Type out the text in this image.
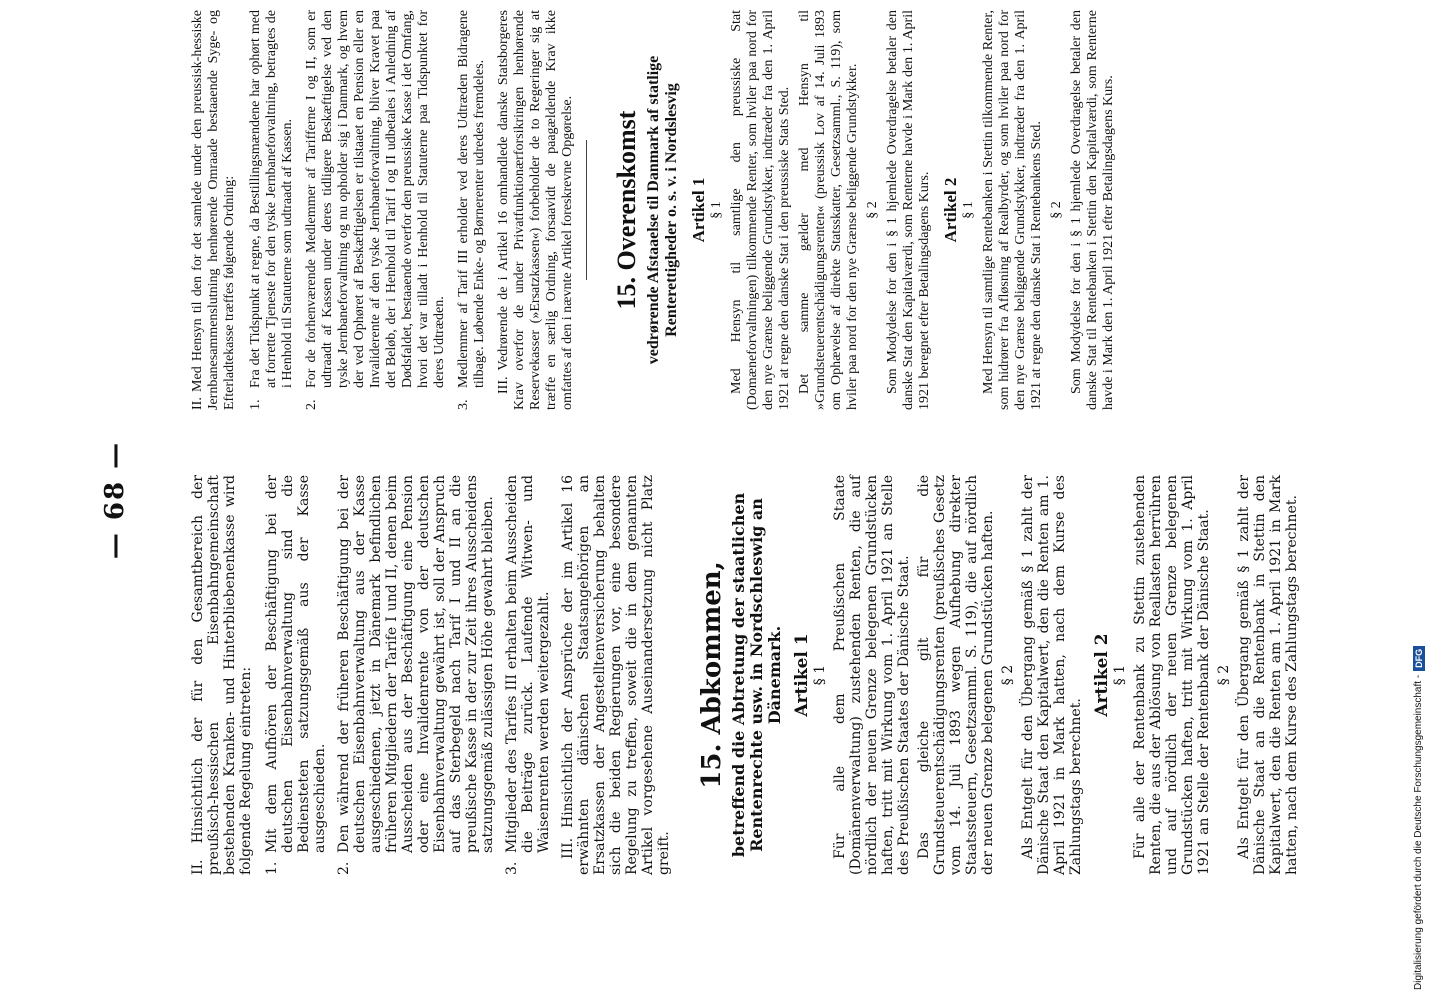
— 68 —	II. Hinsichtlich der für den Gesamtbereich der preußisch-hessischen Eisenbahngemeinschaft bestehenden Kranken- und Hinterbliebenenkasse wird folgende Regelung eintreten: 1.
Mit dem Aufhören der Beschäftigung bei der deutschen Eisenbahnverwaltung sind die Bediensteten satzungsgemäß aus der Kasse ausgeschieden.
2.
Den während der früheren Beschäftigung bei der deutschen Eisenbahnverwaltung aus der Kasse ausgeschiedenen, jetzt in Dänemark befindlichen früheren Mitgliedern der Tarife I und II, denen beim Ausscheiden aus der Beschäftigung eine Pension oder eine Invalidenrente von der deutschen Eisenbahnverwaltung gewährt ist, soll der Anspruch auf das Sterbegeld nach Tarif I und II an die preußische Kasse in der zur Zeit ihres Ausscheidens satzungsgemäß zulässigen Höhe gewahrt bleiben.
3.
Mitglieder des Tarifes III erhalten beim Ausscheiden die Beiträge zurück. Laufende Witwen- und Waisenrenten werden weitergezahlt. III. Hinsichtlich der Ansprüche der im Artikel 16 erwähnten dänischen Staatsangehörigen an Ersatzkassen der Angestelltenversicherung behalten sich die beiden Regierungen vor, eine besondere Regelung zu treffen, soweit die in dem genannten Artikel vorgesehene Auseinandersetzung nicht Platz greift.
15. Abkommen, betreffend die Abtretung der staatlichen Rentenrechte usw. in Nordschleswig an Dänemark. Artikel 1 § 1 Für alle dem Preußischen Staate (Domänenverwaltung) zustehenden Renten, die auf nördlich der neuen Grenze belegenen Grundstücken haften, tritt mit Wirkung vom 1. April 1921 an Stelle des Preußischen Staates der Dänische Staat. Das gleiche gilt für die Grundsteuerentschädigungsrenten (preußisches Gesetz vom 14. Juli 1893 wegen Aufhebung direkter Staatssteuern, Gesetzsamml. S. 119), die auf nördlich der neuen Grenze belegenen Grundstücken haften. § 2 Als Entgelt für den Übergang gemäß § 1 zahlt der Dänische Staat den Kapitalwert, den die Renten am 1. April 1921 in Mark hatten, nach dem Kurse des Zahlungstags berechnet.
Artikel 2 § 1 Für alle der Rentenbank zu Stettin zustehenden Renten, die aus der Ablösung von Reallasten herrühren und auf nördlich der neuen Grenze belegenen Grundstücken haften, tritt mit Wirkung vom 1. April 1921 an Stelle der Rentenbank der Dänische Staat. § 2 Als Entgelt für den Übergang gemäß § 1 zahlt der Dänische Staat an die Rentenbank in Stettin den Kapitalwert, den die Renten am 1. April 1921 in Mark hatten, nach dem Kurse des Zahlungstags berechnet.
II. Med Hensyn til den for det samlede under den preussisk-hessiske Jernbanesammenslutning henhørende Omraade bestaaende Syge- og Efterladtekasse træffes følgende Ordning: 1.
Fra det Tidspunkt at regne, da Bestillingsmændene har ophørt med at forrette Tjeneste for den tyske Jernbaneforvaltning, betragtes de i Henhold til Statuterne som udtraadt af Kassen.
2.
For de forhenværende Medlemmer af Tarifferne I og II, som er udtraadt af Kassen under deres tidligere Beskæftigelse ved den tyske Jernbaneforvaltning og nu opholder sig i Danmark, og hvem der ved Ophøret af Beskæftigelsen er tilstaaet en Pension eller en Invaliderente af den tyske Jernbaneforvaltning, bliver Kravet paa det Beløb, der i Henhold til Tarif I og II udbetales i Anledning af Dødsfaldet, bestaaende overfor den preussiske Kasse i det Omfang, hvori det var tilladt i Henhold til Statuterne paa Tidspunktet for deres Udtræden.
3.
Medlemmer af Tarif III erholder ved deres Udtræden Bidragene tilbage. Løbende Enke- og Børnerenter udredes fremdeles. III. Vedrørende de i Artikel 16 omhandlede danske Statsborgeres Krav overfor de under Privatfunktionærforsikringen henhørende Reservekasser (»Ersatzkassen«) forbeholder de to Regeringer sig at træffe en særlig Ordning, forsaavidt de paagældende Krav ikke omfattes af den i nævnte Artikel foreskrevne Opgørelse. 15. Overenskomst vedrørende Afstaaelse til Danmark af statlige Renterettigheder o. s. v. i Nordslesvig Artikel 1 § 1 Med Hensyn til samtlige den preussiske Stat (Domæneforvaltningen) tilkommende Renter, som hviler paa nord for den nye Grænse beliggende Grundstykker, indtræder fra den 1. April 1921 at regne den danske Stat i den preussiske Stats Sted. Det samme gælder med Hensyn til »Grundsteuerentschädigungsrenten« (preussisk Lov af 14. Juli 1893 om Ophævelse af direkte Statsskatter, Gesetzsamml., S. 119), som hviler paa nord for den nye Grænse beliggende Grundstykker. § 2 Som Modydelse for den i § 1 hjemlede Overdragelse betaler den danske Stat den Kapitalværdi, som Renterne havde i Mark den 1. April 1921 beregnet efter Betalingsdagens Kurs. Artikel 2 § 1 Med Hensyn til samtlige Rentebanken i Stettin tilkommende Renter, som hidrører fra Afløsning af Realbyrder, og som hviler paa nord for den nye Grænse beliggende Grundstykker, indtræder fra den 1. April 1921 at regne den danske Stat i Rentebankens Sted. § 2 Som Modydelse for den i § 1 hjemlede Overdragelse betaler den danske Stat til Rentebanken i Stettin den Kapitalværdi, som Renterne havde i Mark den 1. April 1921 efter Betalingsdagens Kurs.
Digitalisierung gefördert durch die Deutsche Forschungsgemeinschaft -
DFG
